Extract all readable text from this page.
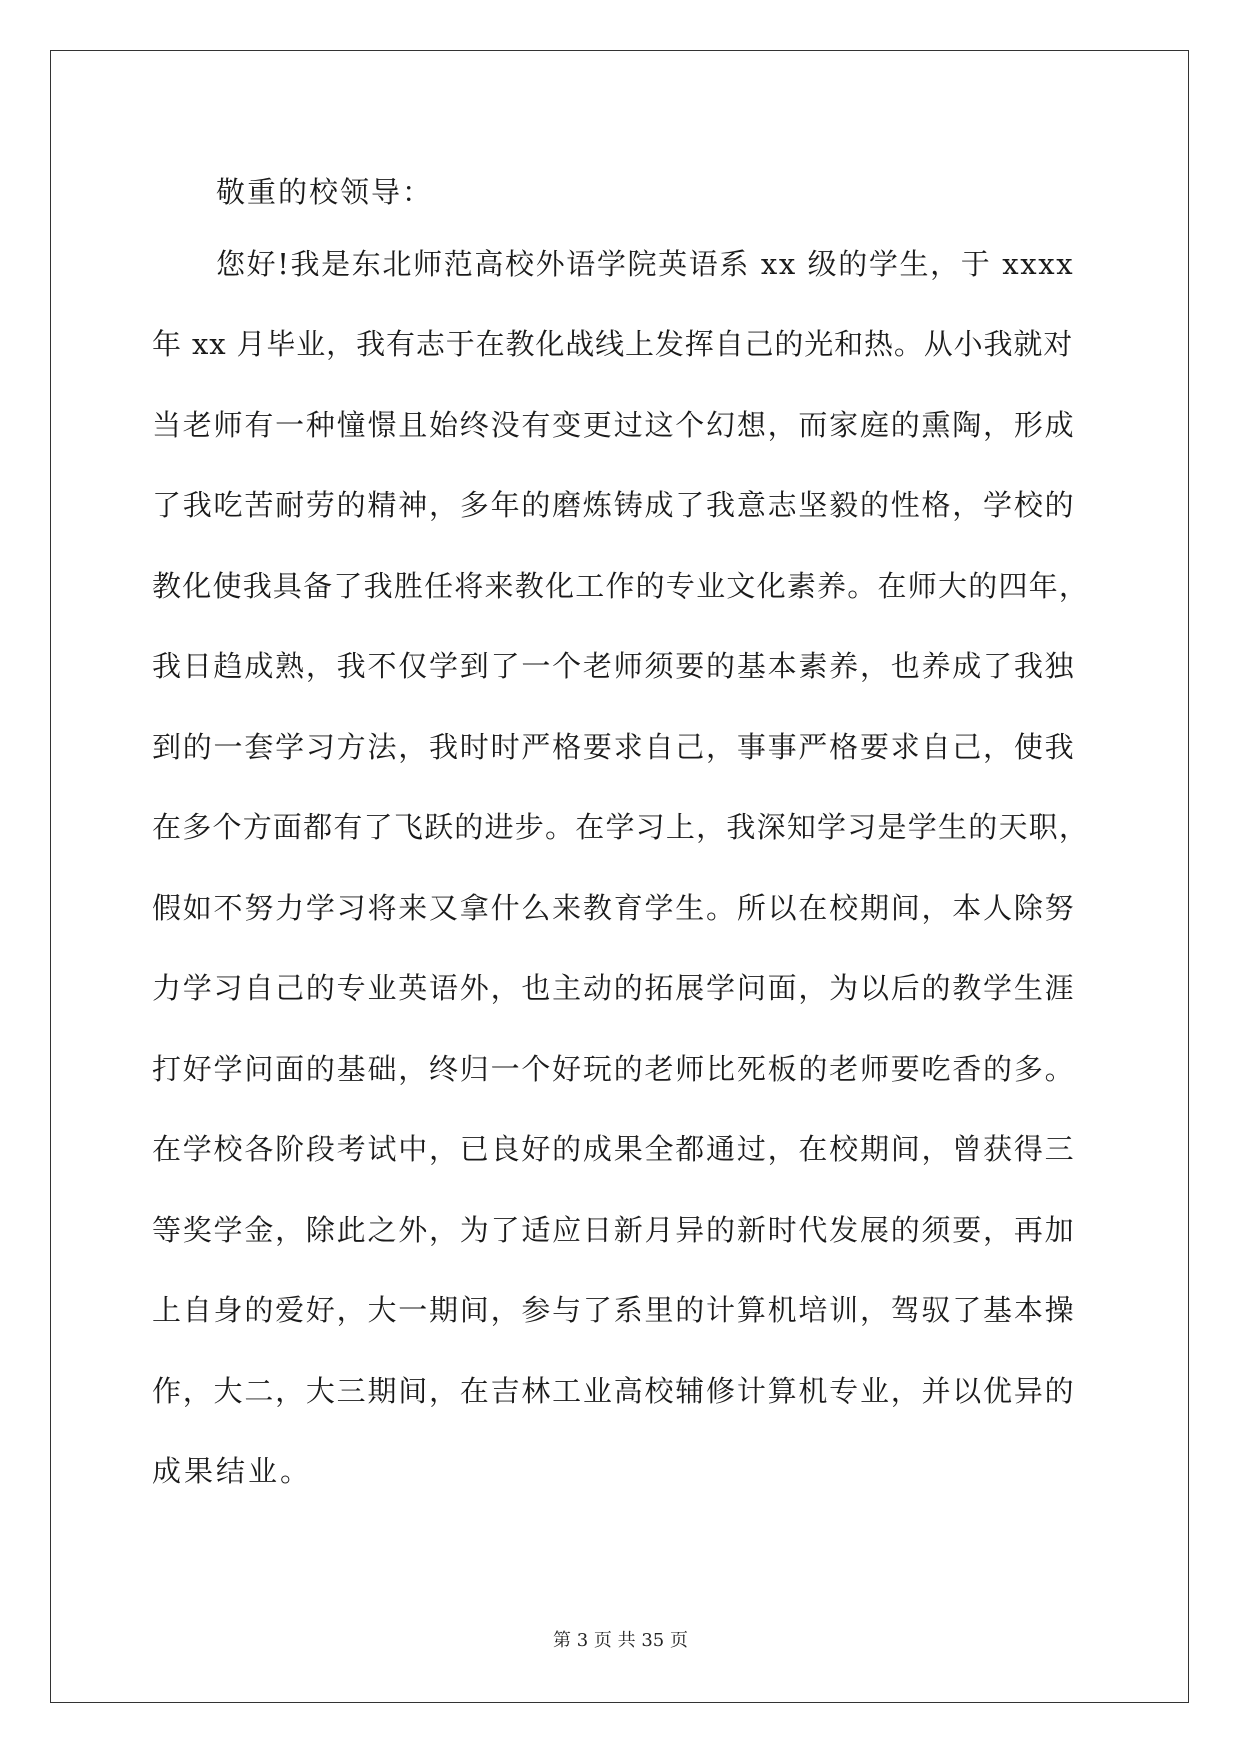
敬重的校领导：
您好!我是东北师范高校外语学院英语系 xx 级的学生，于 xxxx
年 xx 月毕业，我有志于在教化战线上发挥自己的光和热。从小我就对
当老师有一种憧憬且始终没有变更过这个幻想，而家庭的熏陶，形成
了我吃苦耐劳的精神，多年的磨炼铸成了我意志坚毅的性格，学校的
教化使我具备了我胜任将来教化工作的专业文化素养。在师大的四年，
我日趋成熟，我不仅学到了一个老师须要的基本素养，也养成了我独
到的一套学习方法，我时时严格要求自己，事事严格要求自己，使我
在多个方面都有了飞跃的进步。在学习上，我深知学习是学生的天职，
假如不努力学习将来又拿什么来教育学生。所以在校期间，本人除努
力学习自己的专业英语外，也主动的拓展学问面，为以后的教学生涯
打好学问面的基础，终归一个好玩的老师比死板的老师要吃香的多。
在学校各阶段考试中，已良好的成果全都通过，在校期间，曾获得三
等奖学金，除此之外，为了适应日新月异的新时代发展的须要，再加
上自身的爱好，大一期间，参与了系里的计算机培训，驾驭了基本操
作，大二，大三期间，在吉林工业高校辅修计算机专业，并以优异的
成果结业。
第 3 页 共 35 页
